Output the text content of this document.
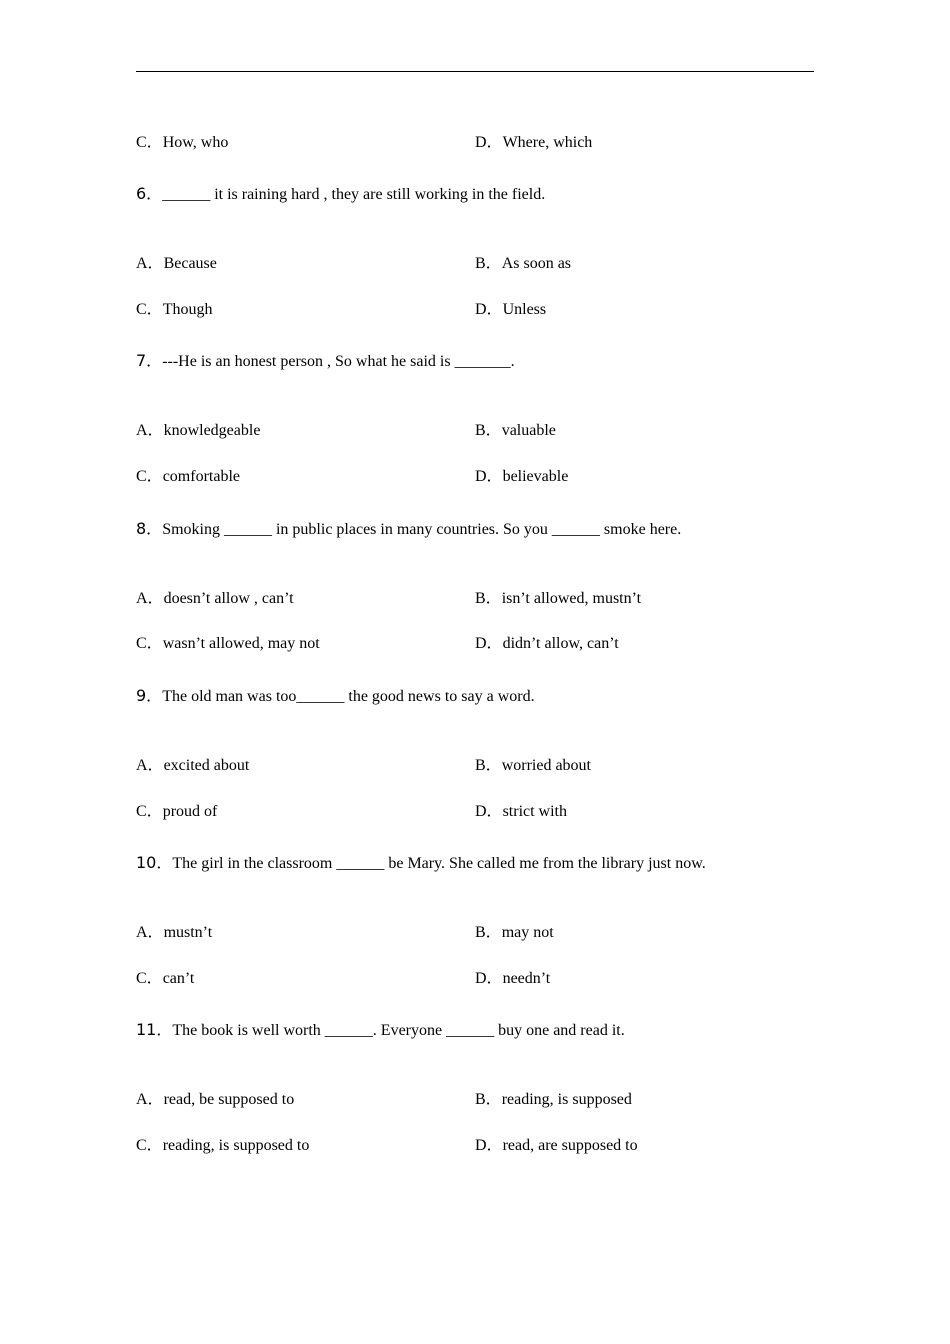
C．How, who	D．Where, which
6．______ it is raining hard , they are still working in the field.
A．Because	B．As soon as
C．Though	D．Unless
7．---He is an honest person , So what he said is _______.
A．knowledgeable	B．valuable
C．comfortable	D．believable
8．Smoking ______ in public places in many countries. So you ______ smoke here.
A．doesn’t allow , can’t	B．isn’t allowed, mustn’t
C．wasn’t allowed, may not	D．didn’t allow, can’t
9．The old man was too______ the good news to say a word.
A．excited about	B．worried about
C．proud of	D．strict with
10．The girl in the classroom ______ be Mary. She called me from the library just now.
A．mustn’t	B．may not
C．can’t	D．needn’t
11．The book is well worth ______. Everyone ______ buy one and read it.
A．read, be supposed to	B．reading, is supposed
C．reading, is supposed to	D．read, are supposed to
